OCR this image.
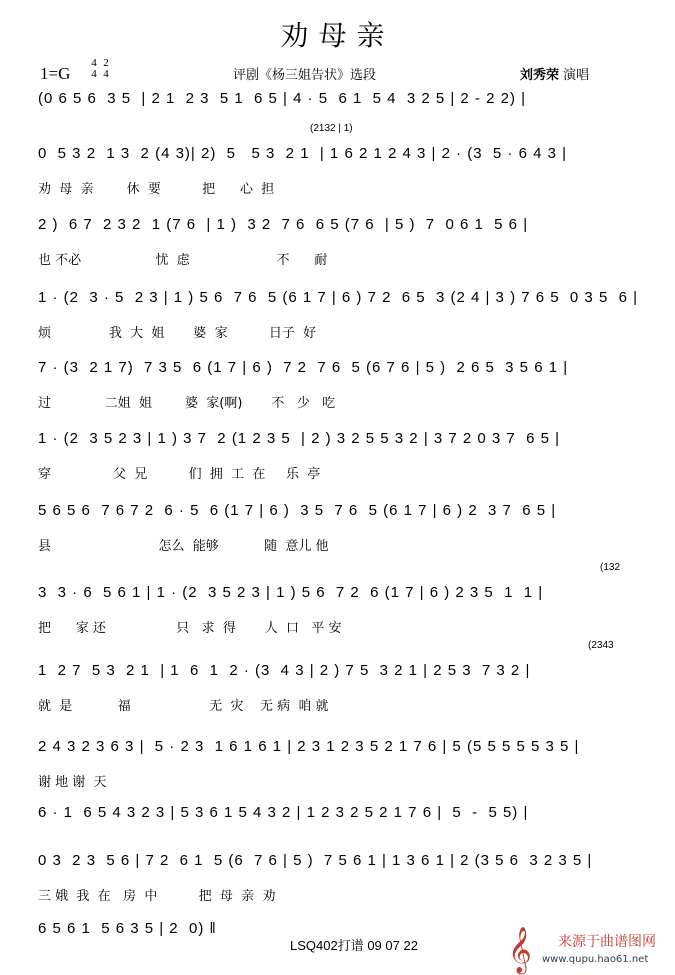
劝母亲
1=G
4 2
4 4	评剧《杨三姐告状》选段	刘秀荣 演唱
(0 6 5 6  3 5  | 2 1  2 3  5 1  6 5 | 4 · 5  6 1  5 4  3 2 5 | 2 - 2 2) |
(2132 | 1)
0  5 3 2  1 3  2 (4 3)| 2)  5   5 3  2 1  | 1 6 2 1 2 4 3 | 2 · (3  5 · 6 4 3 |
劝  母  亲        休  要          把      心  担
2 )  6 7  2 3 2  1 (7 6  | 1 )  3 2  7 6  6 5 (7 6  | 5 )  7  0 6 1  5 6 |
也 不必                  忧  虑                     不      耐
1 · (2  3 · 5  2 3 | 1 ) 5 6  7 6  5 (6 1 7 | 6 ) 7 2  6 5  3 (2 4 | 3 ) 7 6 5  0 3 5  6 |
烦              我  大  姐       婆  家          日子  好
7 · (3  2 1 7)  7 3 5  6 (1 7 | 6 )  7 2  7 6  5 (6 7 6 | 5 )  2 6 5  3 5 6 1 |
过             二姐  姐        婆  家(啊)       不   少   吃
1 · (2  3 5 2 3 | 1 ) 3 7  2 (1 2 3 5  | 2 ) 3 2 5 5 3 2 | 3 7 2 0 3 7  6 5 |
穿               父  兄          们  拥  工  在     乐  亭
5 6 5 6  7 6 7 2  6 · 5  6 (1 7 | 6 )  3 5  7 6  5 (6 1 7 | 6 ) 2  3 7  6 5 |
县                          怎么  能够           随  意儿 他
(132
3  3 · 6  5 6 1 | 1 · (2  3 5 2 3 | 1 ) 5 6  7 2  6 (1 7 | 6 ) 2 3 5  1  1 |
把      家 还                 只   求  得       人  口   平 安
(2343
1  2 7  5 3  2 1  | 1  6  1  2 · (3  4 3 | 2 ) 7 5  3 2 1 | 2 5 3  7 3 2 |
就  是           福                   无  灾    无 病  咱 就
2 4 3 2 3 6 3 |  5 · 2 3  1 6 1 6 1 | 2 3 1 2 3 5 2 1 7 6 | 5 (5 5 5 5 5 3 5 |
谢 地 谢  天
6 · 1  6 5 4 3 2 3 | 5 3 6 1 5 4 3 2 | 1 2 3 2 5 2 1 7 6 |  5  -  5 5) |
0 3  2 3  5 6 | 7 2  6 1  5 (6  7 6 | 5 )  7 5 6 1 | 1 3 6 1 | 2 (3 5 6  3 2 3 5 |
三 娥  我  在   房  中          把  母  亲  劝
6 5 6 1  5 6 3 5 | 2  0) ‖
LSQ402打谱 09 07 22 𝄞 来源于曲谱图网
www.qupu.hao61.net
